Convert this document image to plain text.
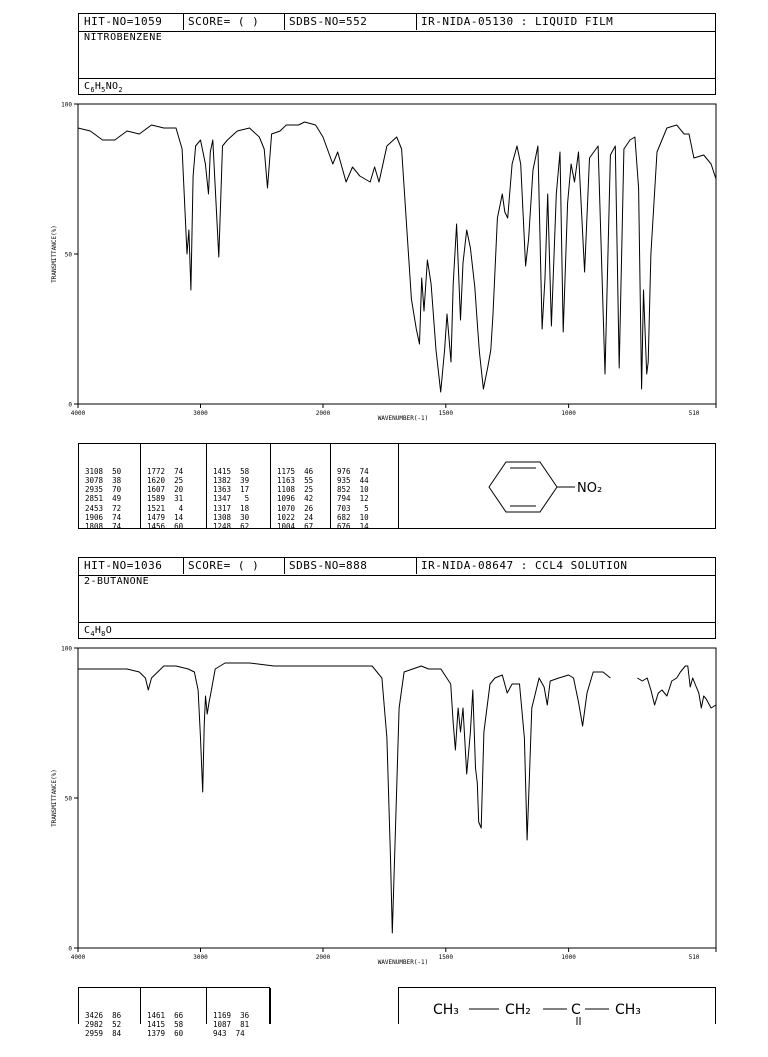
HIT-NO=1059	SCORE= ( )	SDBS-NO=552	IR-NIDA-05130 : LIQUID FILM
NITROBENZENE
$C_6H_5NO_2$
100
50
0
4000	3000	2000	1500	1000	510
WAVENUMBER(-1)
TRANSMITTANCE(%)

3108  50
3078  38
2935  70
2851  49
2453  72
1906  74
1808  74

1772  74
1620  25
1607  20
1589  31
1521   4
1479  14
1456  60

1415  58
1382  39
1363  17
1347   5
1317  18
1308  30
1248  62

1175  46
1163  55
1108  25
1096  42
1070  26
1022  24
1004  67

976  74
935  44
852  10
794  12
703   5
682  10
676  14

NO₂
HIT-NO=1036	SCORE= ( )	SDBS-NO=888	IR-NIDA-08647 : CCL4 SOLUTION
2-BUTANONE
$C_4H_8O$
100
50
0
4000	3000	2000	1500	1000	510
WAVENUMBER(-1)
TRANSMITTANCE(%)

3426  86
2982  52
2959  84

1461  66
1415  58
1379  60

1169  36
1087  81
943  74

CH₃	CH₂	C CH₃
